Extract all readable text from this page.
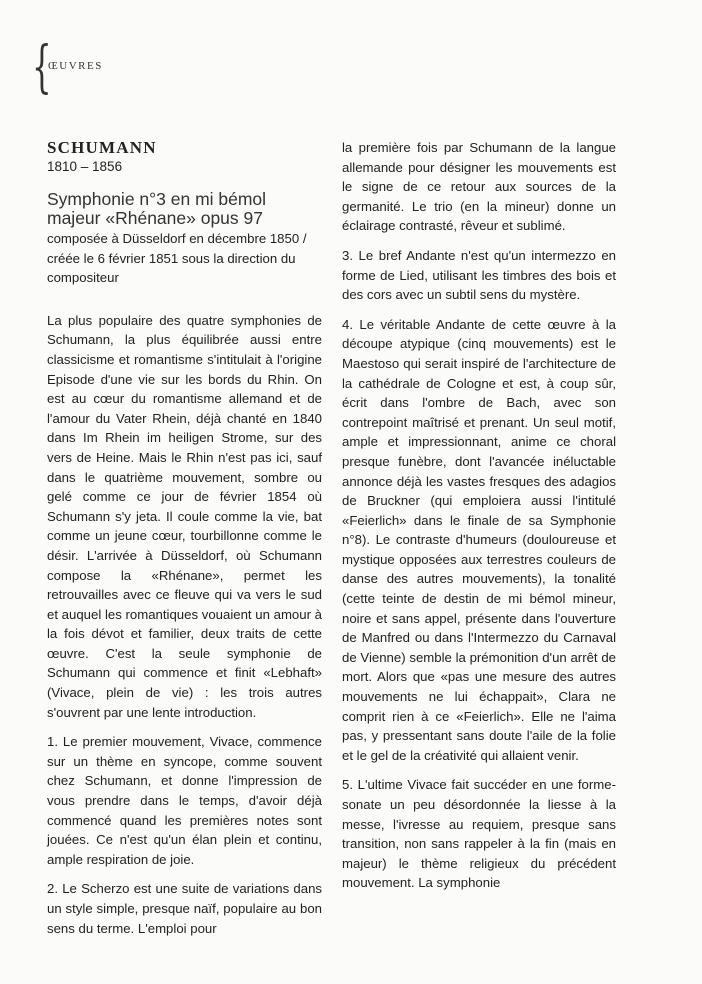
{
ŒUVRES
SCHUMANN
1810 – 1856
Symphonie n°3 en mi bémol
majeur «Rhénane» opus 97
composée à Düsseldorf en décembre 1850 / créée le 6 février 1851 sous la direction du compositeur

La plus populaire des quatre symphonies de Schumann, la plus équilibrée aussi entre classicisme et romantisme s'intitulait à l'origine Episode d'une vie sur les bords du Rhin. On est au cœur du romantisme allemand et de l'amour du Vater Rhein, déjà chanté en 1840 dans Im Rhein im heiligen Strome, sur des vers de Heine. Mais le Rhin n'est pas ici, sauf dans le quatrième mouvement, sombre ou gelé comme ce jour de février 1854 où Schumann s'y jeta. Il coule comme la vie, bat comme un jeune cœur, tourbillonne comme le désir. L'arrivée à Düsseldorf, où Schumann compose la «Rhénane», permet les retrouvailles avec ce fleuve qui va vers le sud et auquel les romantiques vouaient un amour à la fois dévot et familier, deux traits de cette œuvre. C'est la seule symphonie de Schumann qui commence et finit «Lebhaft» (Vivace, plein de vie) : les trois autres s'ouvrent par une lente introduction.

1. Le premier mouvement, Vivace, commence sur un thème en syncope, comme souvent chez Schumann, et donne l'impression de vous prendre dans le temps, d'avoir déjà commencé quand les premières notes sont jouées. Ce n'est qu'un élan plein et continu, ample respiration de joie.

2. Le Scherzo est une suite de variations dans un style simple, presque naïf, populaire au bon sens du terme. L'emploi pour

la première fois par Schumann de la langue allemande pour désigner les mouvements est le signe de ce retour aux sources de la germanité. Le trio (en la mineur) donne un éclairage contrasté, rêveur et sublimé.

3. Le bref Andante n'est qu'un intermezzo en forme de Lied, utilisant les timbres des bois et des cors avec un subtil sens du mystère.

4. Le véritable Andante de cette œuvre à la découpe atypique (cinq mouvements) est le Maestoso qui serait inspiré de l'architecture de la cathédrale de Cologne et est, à coup sûr, écrit dans l'ombre de Bach, avec son contrepoint maîtrisé et prenant. Un seul motif, ample et impressionnant, anime ce choral presque funèbre, dont l'avancée inéluctable annonce déjà les vastes fresques des adagios de Bruckner (qui emploiera aussi l'intitulé «Feierlich» dans le finale de sa Symphonie n°8). Le contraste d'humeurs (douloureuse et mystique opposées aux terrestres couleurs de danse des autres mouvements), la tonalité (cette teinte de destin de mi bémol mineur, noire et sans appel, présente dans l'ouverture de Manfred ou dans l'Intermezzo du Carnaval de Vienne) semble la prémonition d'un arrêt de mort. Alors que «pas une mesure des autres mouvements ne lui échappait», Clara ne comprit rien à ce «Feierlich». Elle ne l'aima pas, y pressentant sans doute l'aile de la folie et le gel de la créativité qui allaient venir.

5. L'ultime Vivace fait succéder en une forme-sonate un peu désordonnée la liesse à la messe, l'ivresse au requiem, presque sans transition, non sans rappeler à la fin (mais en majeur) le thème religieux du précédent mouvement. La symphonie
